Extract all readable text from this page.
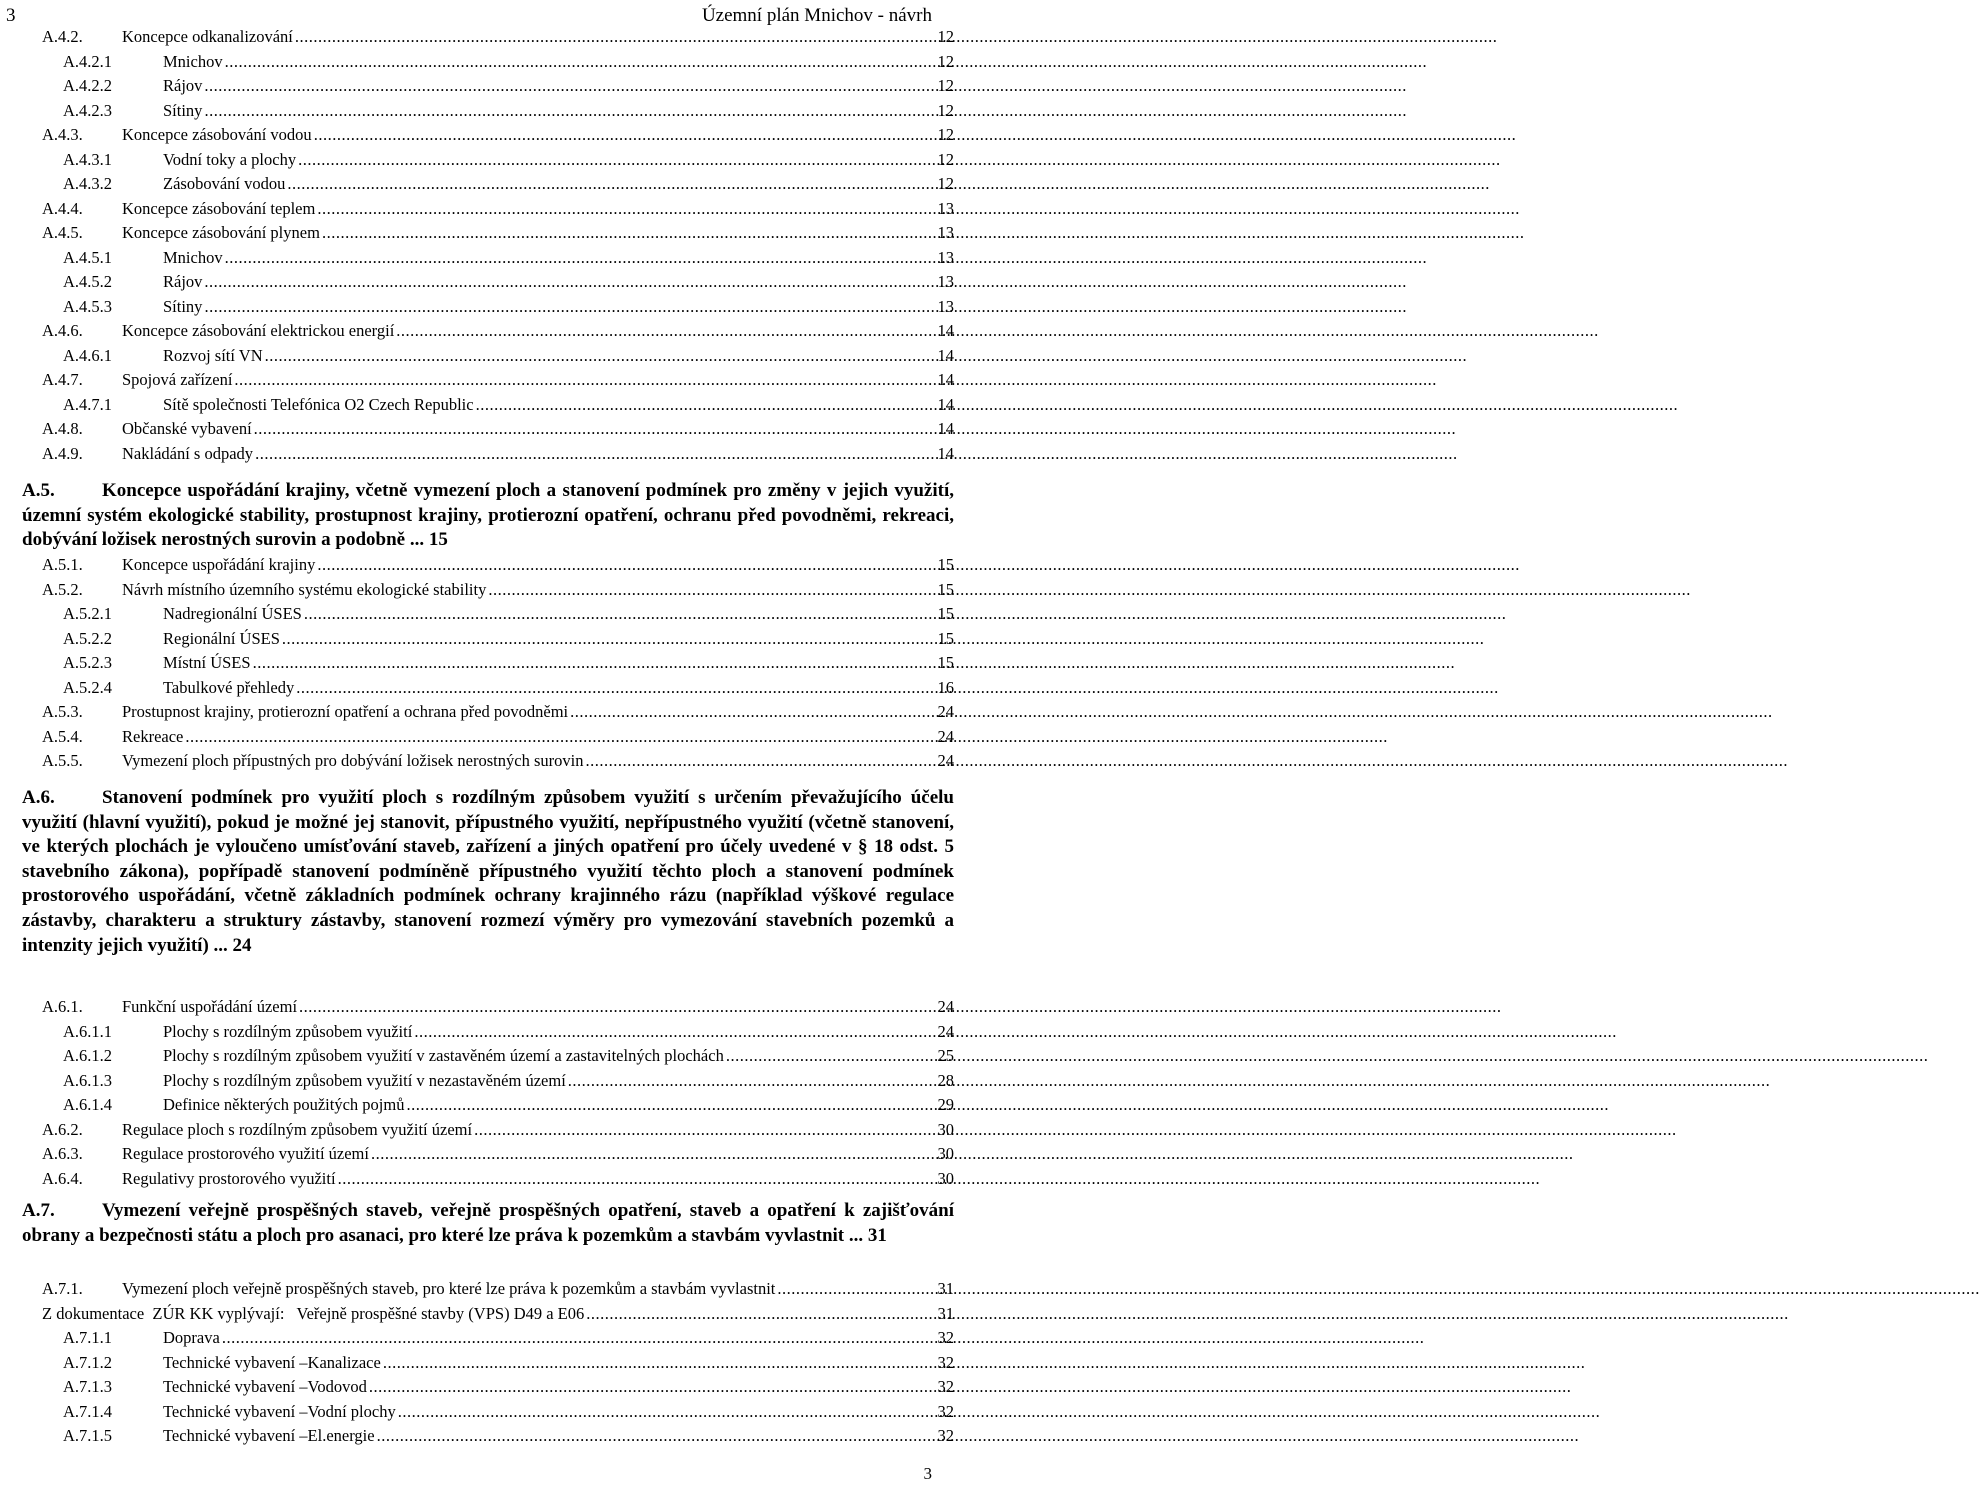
3	Územní plán Mnichov - návrh
A.4.2.	Koncepce odkanalizování .....	12
A.4.2.1	Mnichov .....	12
A.4.2.2	Rájov .....	12
A.4.2.3	Sítiny .....	12
A.4.3.	Koncepce zásobování vodou .....	12
A.4.3.1	Vodní toky a plochy .....	12
A.4.3.2	Zásobování vodou .....	12
A.4.4.	Koncepce zásobování teplem .....	13
A.4.5.	Koncepce zásobování plynem .....	13
A.4.5.1	Mnichov .....	13
A.4.5.2	Rájov .....	13
A.4.5.3	Sítiny .....	13
A.4.6.	Koncepce zásobování elektrickou energií .....	14
A.4.6.1	Rozvoj sítí VN .....	14
A.4.7.	Spojová zařízení .....	14
A.4.7.1	Sítě společnosti Telefónica O2 Czech Republic .....	14
A.4.8.	Občanské vybavení .....	14
A.4.9.	Nakládání s odpady .....	14
A.5. Koncepce uspořádání krajiny, včetně vymezení ploch a stanovení podmínek pro změny v jejich využití, územní systém ekologické stability, prostupnost krajiny, protierozní opatření, ochranu před povodněmi, rekreaci, dobývání ložisek nerostných surovin a podobně ... 15
A.5.1.	Koncepce uspořádání krajiny .....	15
A.5.2.	Návrh místního územního systému ekologické stability .....	15
A.5.2.1	Nadregionální ÚSES .....	15
A.5.2.2	Regionální ÚSES .....	15
A.5.2.3	Místní ÚSES .....	15
A.5.2.4	Tabulkové přehledy .....	16
A.5.3.	Prostupnost krajiny, protierozní opatření a ochrana před povodněmi .....	24
A.5.4.	Rekreace .....	24
A.5.5.	Vymezení ploch přípustných pro dobývání ložisek nerostných surovin .....	24
A.6. Stanovení podmínek pro využití ploch s rozdílným způsobem využití s určením převažujícího účelu využití (hlavní využití), pokud je možné jej stanovit, přípustného využití, nepřípustného využití (včetně stanovení, ve kterých plochách je vyloučeno umísťování staveb, zařízení a jiných opatření pro účely uvedené v § 18 odst. 5 stavebního zákona), popřípadě stanovení podmíněně přípustného využití těchto ploch a stanovení podmínek prostorového uspořádání, včetně základních podmínek ochrany krajinného rázu (například výškové regulace zástavby, charakteru a struktury zástavby, stanovení rozmezí výměry pro vymezování stavebních pozemků a intenzity jejich využití) ... 24
A.6.1.	Funkční uspořádání území .....	24
A.6.1.1	Plochy s rozdílným způsobem využití .....	24
A.6.1.2	Plochy s rozdílným způsobem využití v zastavěném území a zastavitelných plochách .....	25
A.6.1.3	Plochy s rozdílným způsobem využití v nezastavěném území .....	28
A.6.1.4	Definice některých použitých pojmů .....	29
A.6.2.	Regulace ploch s rozdílným způsobem využití území .....	30
A.6.3.	Regulace prostorového využití území .....	30
A.6.4.	Regulativy prostorového využití .....	30
A.7. Vymezení veřejně prospěšných staveb, veřejně prospěšných opatření, staveb a opatření k zajišťování obrany a bezpečnosti státu a ploch pro asanaci, pro které lze práva k pozemkům a stavbám vyvlastnit ... 31
A.7.1.	Vymezení ploch veřejně prospěšných staveb, pro které lze práva k pozemkům a stavbám vyvlastnit .....	31
Z dokumentace  ZÚR KK vyplývají:   Veřejně prospěšné stavby (VPS) D49 a E06 .....	31
A.7.1.1	Doprava .....	32
A.7.1.2	Technické vybavení –Kanalizace .....	32
A.7.1.3	Technické vybavení –Vodovod .....	32
A.7.1.4	Technické vybavení –Vodní plochy .....	32
A.7.1.5	Technické vybavení –El.energie .....	32
3
